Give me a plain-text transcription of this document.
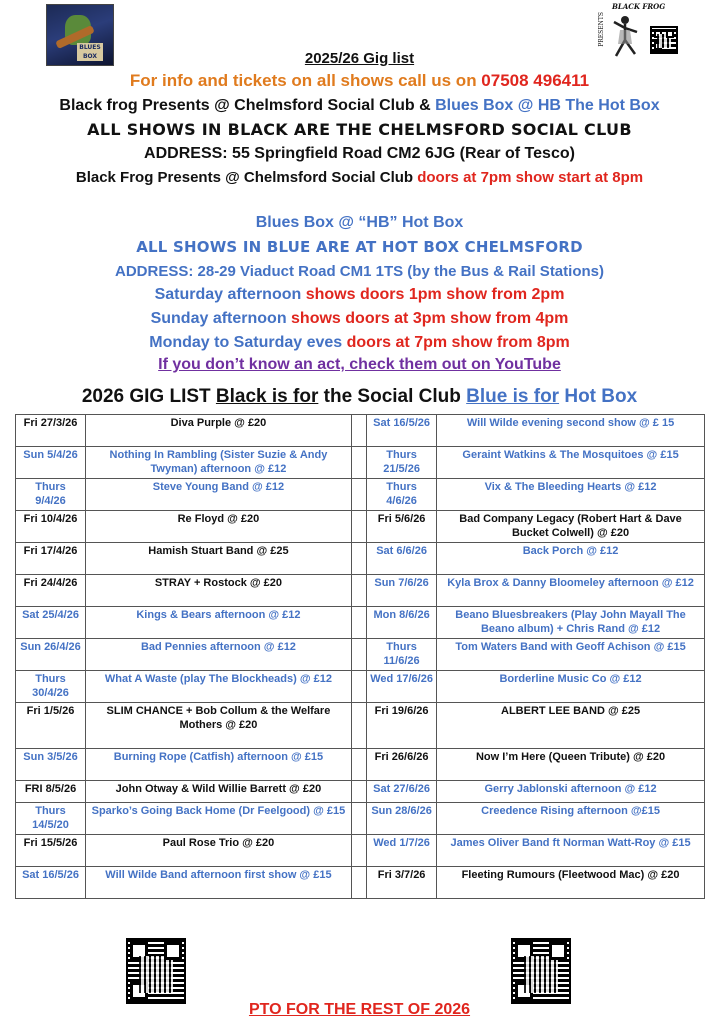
BLUES BOX
BLACK FROG
PRESENTS
2025/26 Gig list
For info and tickets on all shows call us on 07508 496411
Black frog Presents @ Chelmsford Social Club & Blues Box @ HB The Hot Box
ALL SHOWS IN BLACK ARE THE CHELMSFORD SOCIAL CLUB
ADDRESS: 55 Springfield Road CM2 6JG (Rear of Tesco)
Black Frog Presents @ Chelmsford Social Club doors at 7pm show start at 8pm
Blues Box @ “HB” Hot Box
ALL SHOWS IN BLUE ARE AT HOT BOX CHELMSFORD
ADDRESS: 28-29 Viaduct Road CM1 1TS (by the Bus & Rail Stations)
Saturday afternoon shows doors 1pm show from 2pm
Sunday afternoon shows doors at 3pm show from 4pm
Monday to Saturday eves doors at 7pm show from 8pm
If you don’t know an act, check them out on YouTube
2026 GIG LIST Black is for the Social Club Blue is for Hot Box
Fri 27/3/26	Diva Purple @ £20		Sat 16/5/26	Will Wilde evening second show @ £ 15
Sun 5/4/26	Nothing In Rambling (Sister Suzie & Andy Twyman) afternoon @ £12		Thurs 21/5/26	Geraint Watkins & The Mosquitoes @ £15
Thurs 9/4/26	Steve Young Band @ £12		Thurs 4/6/26	Vix & The Bleeding Hearts @ £12
Fri 10/4/26	Re Floyd @ £20		Fri 5/6/26	Bad Company Legacy (Robert Hart & Dave Bucket Colwell) @ £20
Fri 17/4/26	Hamish Stuart Band @ £25		Sat 6/6/26	Back Porch @ £12
Fri 24/4/26	STRAY + Rostock @ £20		Sun 7/6/26	Kyla Brox & Danny Bloomeley afternoon @ £12
Sat 25/4/26	Kings & Bears afternoon @ £12		Mon 8/6/26	Beano Bluesbreakers (Play John Mayall The Beano album) + Chris Rand @ £12
Sun 26/4/26	Bad Pennies afternoon @ £12		Thurs 11/6/26	Tom Waters Band with Geoff Achison @ £15
Thurs 30/4/26	What A Waste (play The Blockheads) @ £12		Wed 17/6/26	Borderline Music Co @ £12
Fri 1/5/26	SLIM CHANCE + Bob Collum & the Welfare Mothers @ £20		Fri 19/6/26	ALBERT LEE BAND @ £25
Sun 3/5/26	Burning Rope (Catfish) afternoon @ £15		Fri 26/6/26	Now I’m Here (Queen Tribute) @ £20
FRI 8/5/26	John Otway & Wild Willie Barrett @ £20		Sat 27/6/26	Gerry Jablonski afternoon @ £12
Thurs 14/5/20	Sparko’s Going Back Home (Dr Feelgood) @ £15		Sun 28/6/26	Creedence Rising afternoon @£15
Fri 15/5/26	Paul Rose Trio @ £20		Wed 1/7/26	James Oliver Band ft Norman Watt-Roy @ £15
Sat 16/5/26	Will Wilde Band afternoon first show @ £15		Fri 3/7/26	Fleeting Rumours (Fleetwood Mac) @ £20
PTO FOR THE REST OF 2026
